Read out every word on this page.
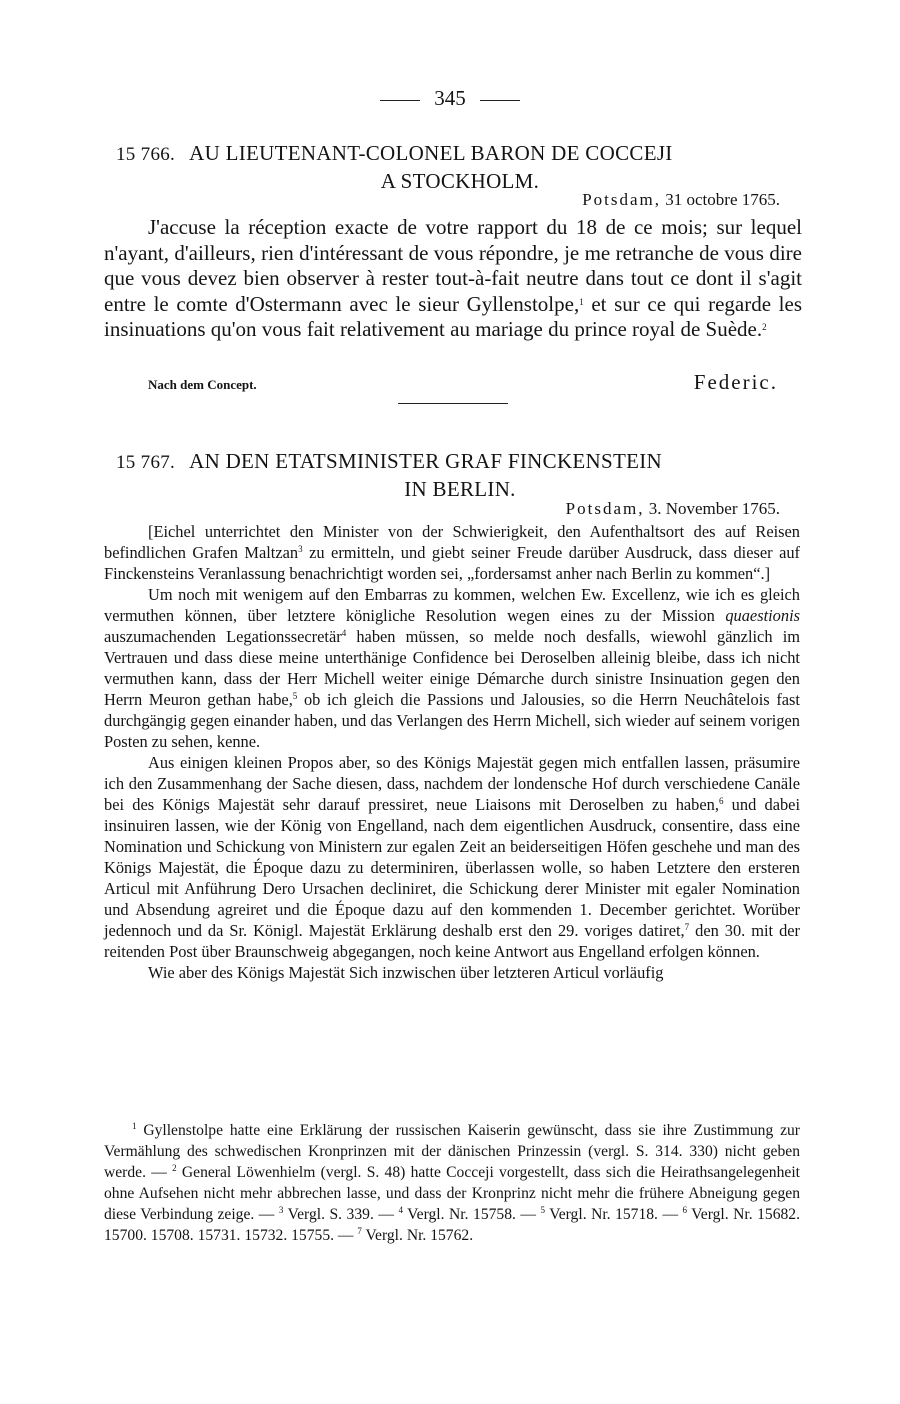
345
15 766. AU LIEUTENANT-COLONEL BARON DE COCCEJI
A STOCKHOLM.
Potsdam, 31 octobre 1765.

J'accuse la réception exacte de votre rapport du 18 de ce mois; sur lequel n'ayant, d'ailleurs, rien d'intéressant de vous répondre, je me retranche de vous dire que vous devez bien observer à rester tout-à-fait neutre dans tout ce dont il s'agit entre le comte d'Ostermann avec le sieur Gyllenstolpe,$^1$ et sur ce qui regarde les insinuations qu'on vous fait relativement au mariage du prince royal de Suède.$^2$

Nach dem Concept.	Federic.
15 767. AN DEN ETATSMINISTER GRAF FINCKENSTEIN
IN BERLIN.
Potsdam, 3. November 1765.

[Eichel unterrichtet den Minister von der Schwierigkeit, den Aufenthaltsort des auf Reisen befindlichen Grafen Maltzan$^3$ zu ermitteln, und giebt seiner Freude darüber Ausdruck, dass dieser auf Finckensteins Veranlassung benachrichtigt worden sei, „fordersamst anher nach Berlin zu kommen“.]

Um noch mit wenigem auf den Embarras zu kommen, welchen Ew. Excellenz, wie ich es gleich vermuthen können, über letztere königliche Resolution wegen eines zu der Mission quaestionis auszumachenden Legationssecretär$^4$ haben müssen, so melde noch desfalls, wiewohl gänzlich im Vertrauen und dass diese meine unterthänige Confidence bei Deroselben alleinig bleibe, dass ich nicht vermuthen kann, dass der Herr Michell weiter einige Démarche durch sinistre Insinuation gegen den Herrn Meuron gethan habe,$^5$ ob ich gleich die Passions und Jalousies, so die Herrn Neuchâtelois fast durchgängig gegen einander haben, und das Verlangen des Herrn Michell, sich wieder auf seinem vorigen Posten zu sehen, kenne.

Aus einigen kleinen Propos aber, so des Königs Majestät gegen mich entfallen lassen, präsumire ich den Zusammenhang der Sache diesen, dass, nachdem der londensche Hof durch verschiedene Canäle bei des Königs Majestät sehr darauf pressiret, neue Liaisons mit Deroselben zu haben,$^6$ und dabei insinuiren lassen, wie der König von Engelland, nach dem eigentlichen Ausdruck, consentire, dass eine Nomination und Schickung von Ministern zur egalen Zeit an beiderseitigen Höfen geschehe und man des Königs Majestät, die Époque dazu zu determiniren, überlassen wolle, so haben Letztere den ersteren Articul mit Anführung Dero Ursachen decliniret, die Schickung derer Minister mit egaler Nomination und Absendung agreiret und die Époque dazu auf den kommenden 1. December gerichtet. Worüber jedennoch und da Sr. Königl. Majestät Erklärung deshalb erst den 29. voriges datiret,$^7$ den 30. mit der reitenden Post über Braunschweig abgegangen, noch keine Antwort aus Engelland erfolgen können.

Wie aber des Königs Majestät Sich inzwischen über letzteren Articul vorläufig

$^1$ Gyllenstolpe hatte eine Erklärung der russischen Kaiserin gewünscht, dass sie ihre Zustimmung zur Vermählung des schwedischen Kronprinzen mit der dänischen Prinzessin (vergl. S. 314. 330) nicht geben werde. — $^2$ General Löwenhielm (vergl. S. 48) hatte Cocceji vorgestellt, dass sich die Heirathsangelegenheit ohne Aufsehen nicht mehr abbrechen lasse, und dass der Kronprinz nicht mehr die frühere Abneigung gegen diese Verbindung zeige. — $^3$ Vergl. S. 339. — $^4$ Vergl. Nr. 15758. — $^5$ Vergl. Nr. 15718. — $^6$ Vergl. Nr. 15682. 15700. 15708. 15731. 15732. 15755. — $^7$ Vergl. Nr. 15762.
